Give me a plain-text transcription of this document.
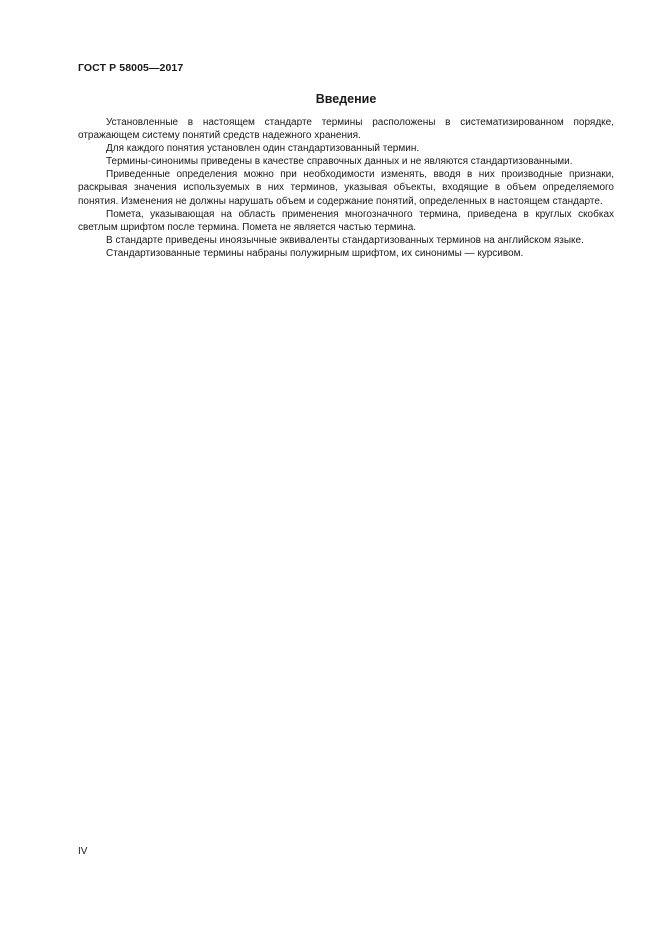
ГОСТ Р 58005—2017
Введение

Установленные в настоящем стандарте термины расположены в систематизированном порядке, отражающем систему понятий средств надежного хранения.

Для каждого понятия установлен один стандартизованный термин.

Термины-синонимы приведены в качестве справочных данных и не являются стандартизованными.

Приведенные определения можно при необходимости изменять, вводя в них производные признаки, раскрывая значения используемых в них терминов, указывая объекты, входящие в объем определяемого понятия. Изменения не должны нарушать объем и содержание понятий, определенных в настоящем стандарте.

Помета, указывающая на область применения многозначного термина, приведена в круглых скобках светлым шрифтом после термина. Помета не является частью термина.

В стандарте приведены иноязычные эквиваленты стандартизованных терминов на английском языке.

Стандартизованные термины набраны полужирным шрифтом, их синонимы — курсивом.

IV
